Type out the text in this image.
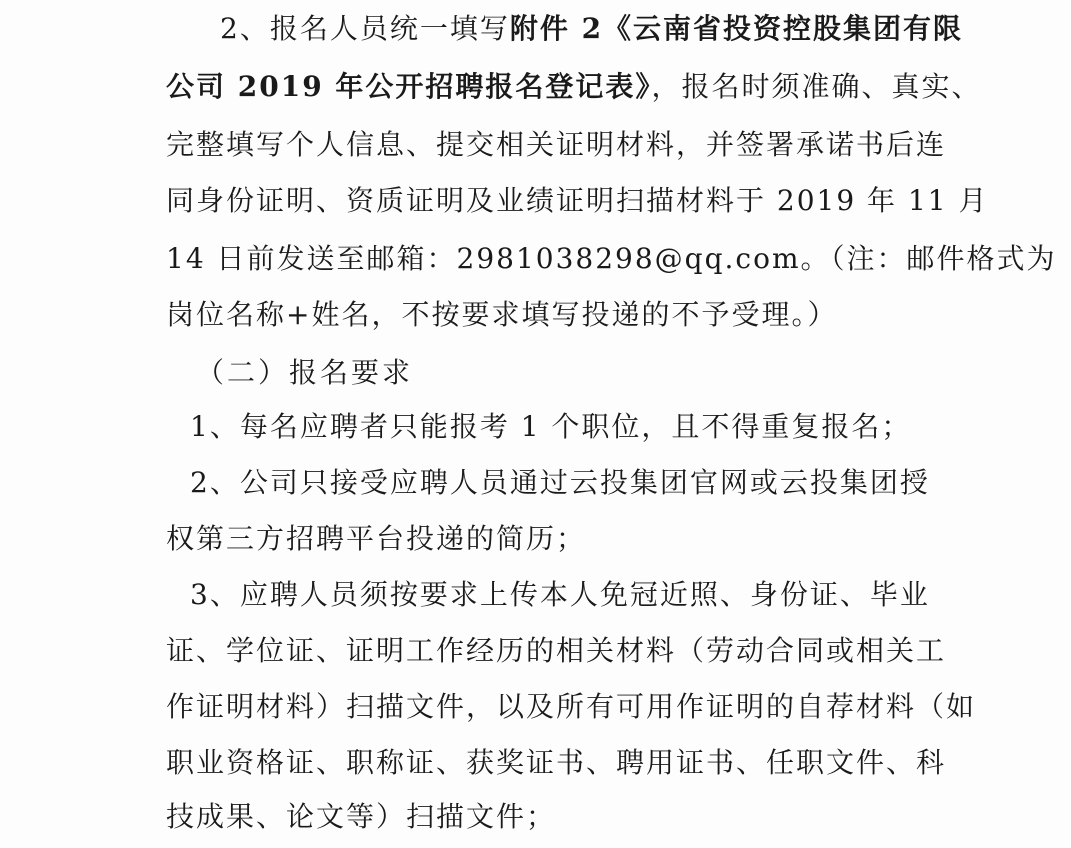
2、报名人员统一填写附件 2《云南省投资控股集团有限
公司 2019 年公开招聘报名登记表》，报名时须准确、真实、
完整填写个人信息、提交相关证明材料，并签署承诺书后连
同身份证明、资质证明及业绩证明扫描材料于 2019 年 11 月
14 日前发送至邮箱：2981038298@qq.com。（注：邮件格式为
岗位名称+姓名，不按要求填写投递的不予受理。）
（二）报名要求
1、每名应聘者只能报考 1 个职位，且不得重复报名；
2、公司只接受应聘人员通过云投集团官网或云投集团授
权第三方招聘平台投递的简历；
3、应聘人员须按要求上传本人免冠近照、身份证、毕业
证、学位证、证明工作经历的相关材料（劳动合同或相关工
作证明材料）扫描文件，以及所有可用作证明的自荐材料（如
职业资格证、职称证、获奖证书、聘用证书、任职文件、科
技成果、论文等）扫描文件；
